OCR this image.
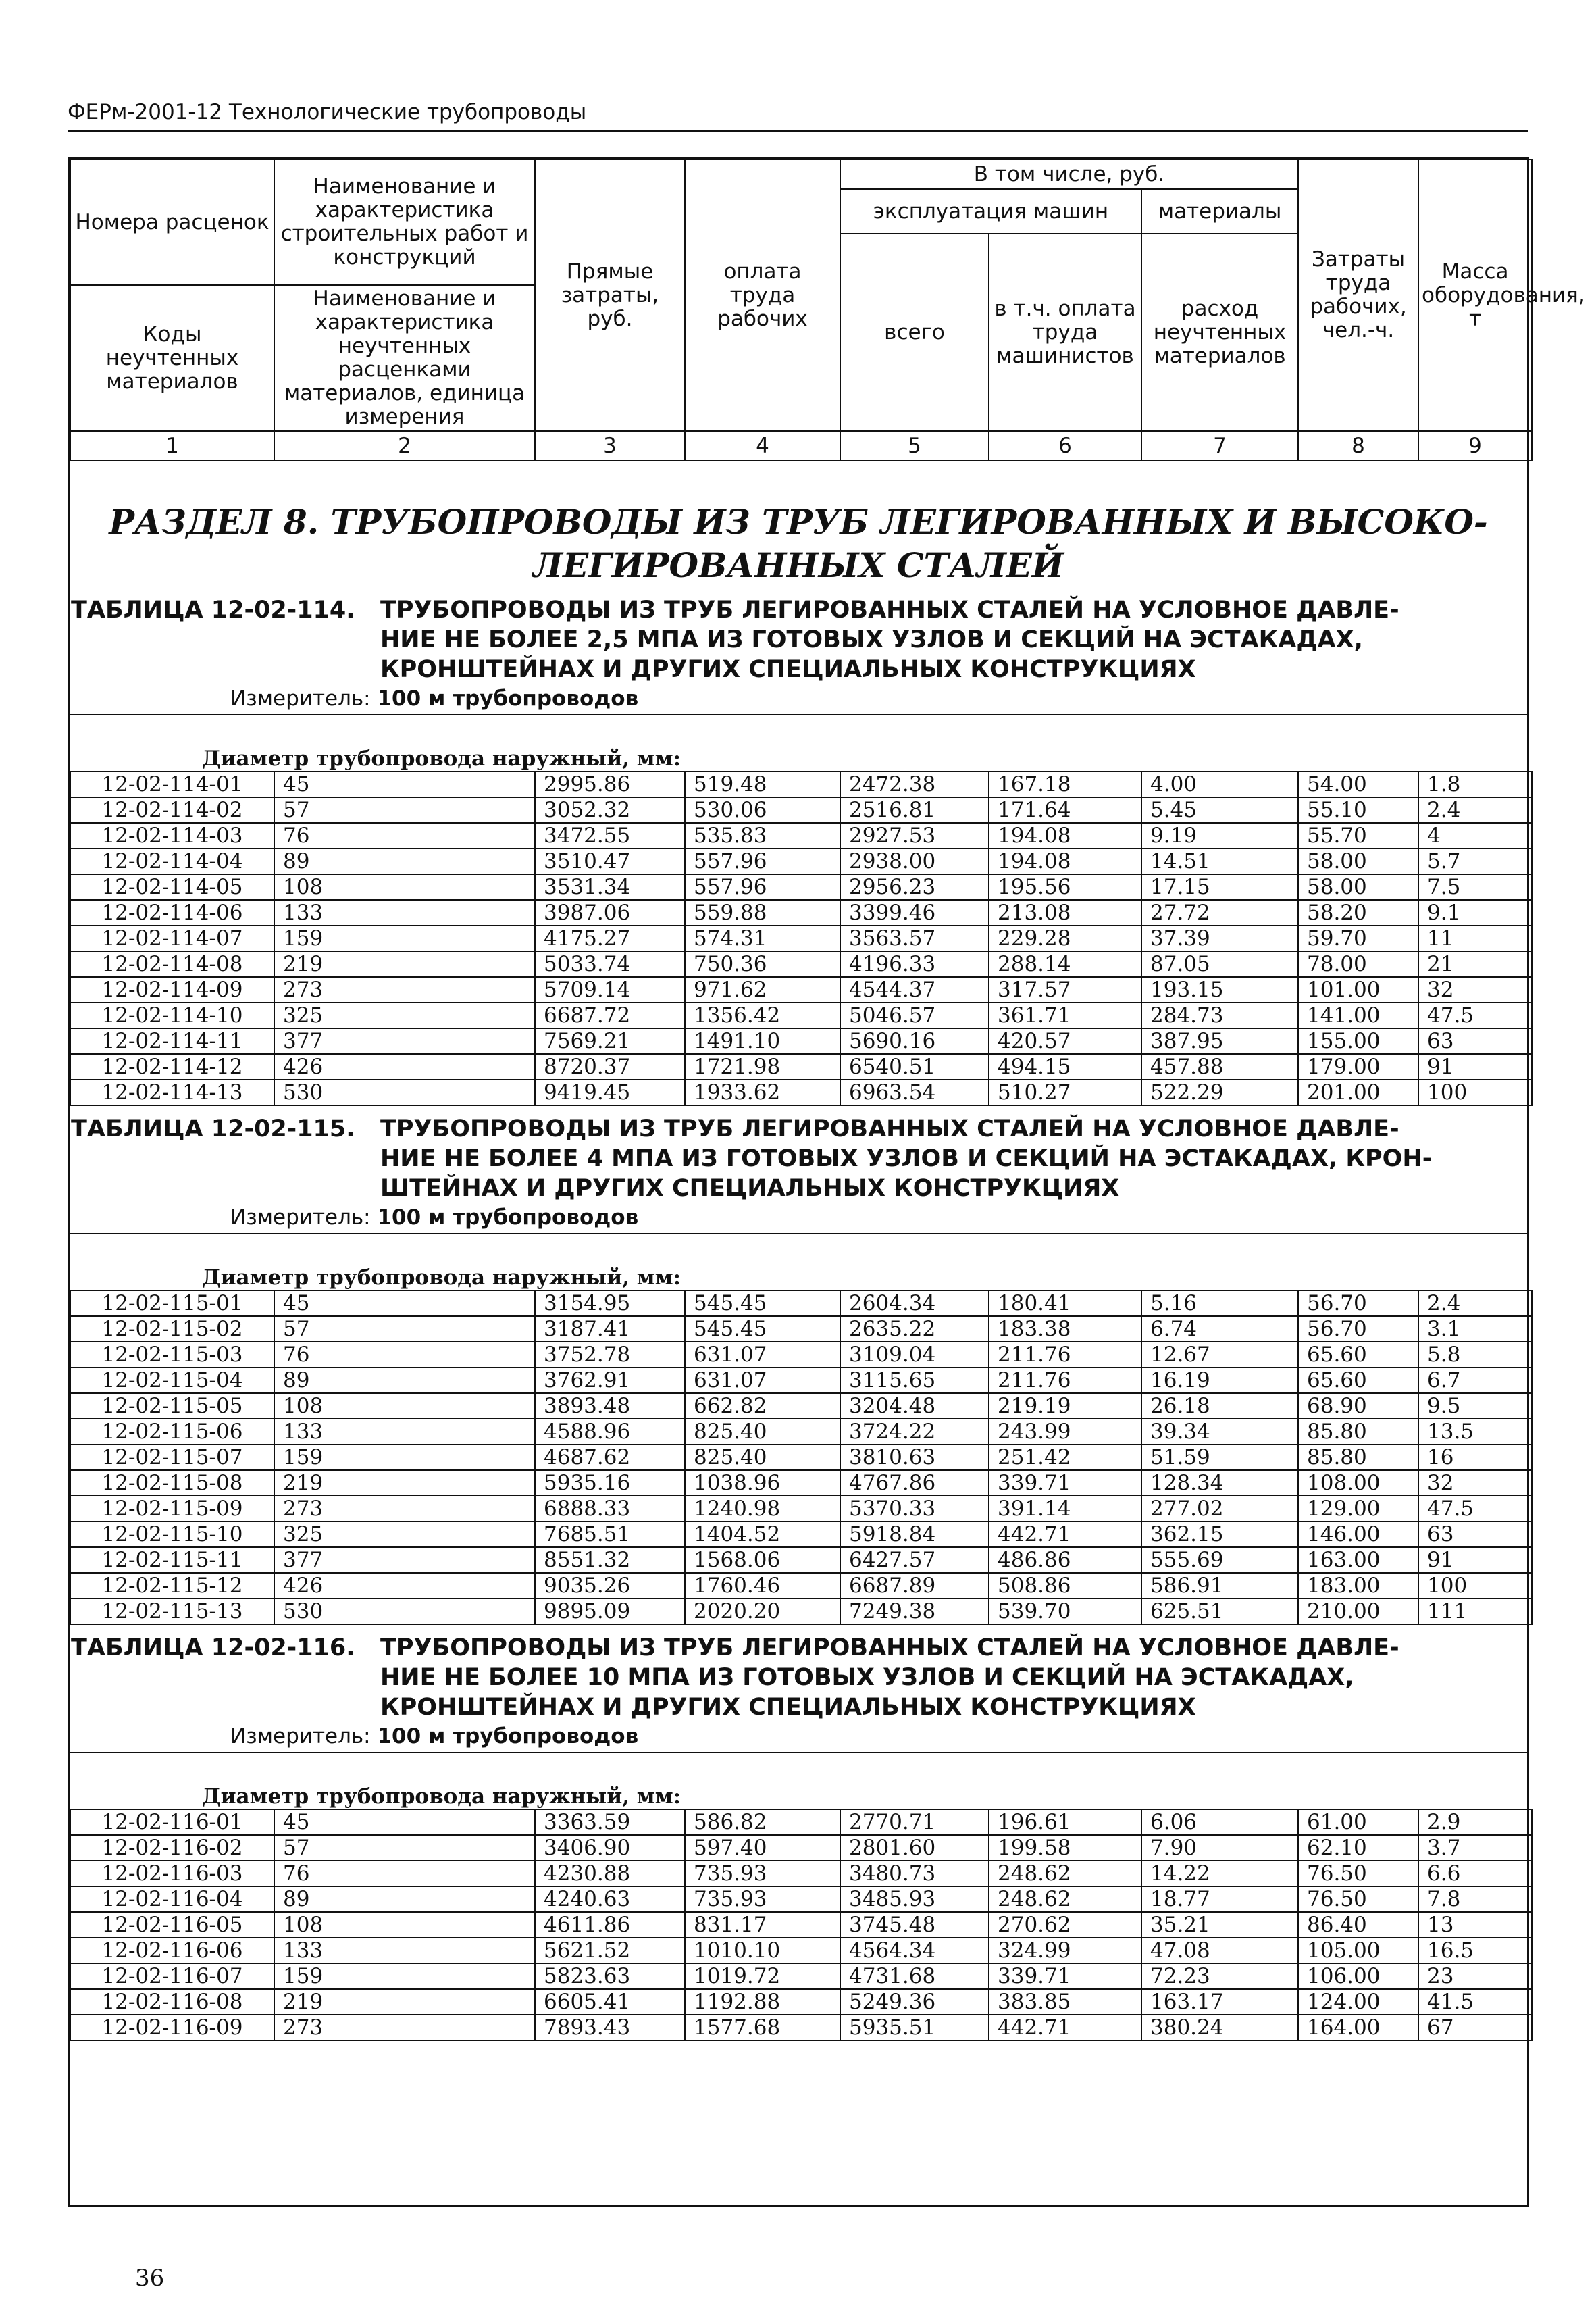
ФЕРм-2001-12 Технологические трубопроводы
Номера расценок	Наименование и характеристика строительных работ и конструкций	Прямые затраты, руб.	оплата труда рабочих	В том числе, руб.			Затраты труда рабочих, чел.-ч.	Масса оборудования, т
				эксплуатация машин		материалы		
				всего	в т.ч. оплата труда машинистов	расход неучтенных материалов		
Коды неучтенных материалов	Наименование и характеристика неучтенных расценками материалов, единица измерения							

1	2	3	4	5	6	7	8	9
РАЗДЕЛ 8. ТРУБОПРОВОДЫ ИЗ ТРУБ ЛЕГИРОВАННЫХ И ВЫСОКО-
ЛЕГИРОВАННЫХ СТАЛЕЙ
ТАБЛИЦА 12-02-114. ТРУБОПРОВОДЫ ИЗ ТРУБ ЛЕГИРОВАННЫХ СТАЛЕЙ НА УСЛОВНОЕ ДАВЛЕ-
НИЕ НЕ БОЛЕЕ 2,5 МПА ИЗ ГОТОВЫХ УЗЛОВ И СЕКЦИЙ НА ЭСТАКАДАХ,
КРОНШТЕЙНАХ И ДРУГИХ СПЕЦИАЛЬНЫХ КОНСТРУКЦИЯХ
Измеритель: 100 м трубопроводов
Диаметр трубопровода наружный, мм:
12-02-114-01	45	2995.86	519.48	2472.38	167.18	4.00	54.00	1.8
12-02-114-02	57	3052.32	530.06	2516.81	171.64	5.45	55.10	2.4
12-02-114-03	76	3472.55	535.83	2927.53	194.08	9.19	55.70	4
12-02-114-04	89	3510.47	557.96	2938.00	194.08	14.51	58.00	5.7
12-02-114-05	108	3531.34	557.96	2956.23	195.56	17.15	58.00	7.5
12-02-114-06	133	3987.06	559.88	3399.46	213.08	27.72	58.20	9.1
12-02-114-07	159	4175.27	574.31	3563.57	229.28	37.39	59.70	11
12-02-114-08	219	5033.74	750.36	4196.33	288.14	87.05	78.00	21
12-02-114-09	273	5709.14	971.62	4544.37	317.57	193.15	101.00	32
12-02-114-10	325	6687.72	1356.42	5046.57	361.71	284.73	141.00	47.5
12-02-114-11	377	7569.21	1491.10	5690.16	420.57	387.95	155.00	63
12-02-114-12	426	8720.37	1721.98	6540.51	494.15	457.88	179.00	91
12-02-114-13	530	9419.45	1933.62	6963.54	510.27	522.29	201.00	100
ТАБЛИЦА 12-02-115. ТРУБОПРОВОДЫ ИЗ ТРУБ ЛЕГИРОВАННЫХ СТАЛЕЙ НА УСЛОВНОЕ ДАВЛЕ-
НИЕ НЕ БОЛЕЕ 4 МПА ИЗ ГОТОВЫХ УЗЛОВ И СЕКЦИЙ НА ЭСТАКАДАХ, КРОН-
ШТЕЙНАХ И ДРУГИХ СПЕЦИАЛЬНЫХ КОНСТРУКЦИЯХ
Измеритель: 100 м трубопроводов
Диаметр трубопровода наружный, мм:
12-02-115-01	45	3154.95	545.45	2604.34	180.41	5.16	56.70	2.4
12-02-115-02	57	3187.41	545.45	2635.22	183.38	6.74	56.70	3.1
12-02-115-03	76	3752.78	631.07	3109.04	211.76	12.67	65.60	5.8
12-02-115-04	89	3762.91	631.07	3115.65	211.76	16.19	65.60	6.7
12-02-115-05	108	3893.48	662.82	3204.48	219.19	26.18	68.90	9.5
12-02-115-06	133	4588.96	825.40	3724.22	243.99	39.34	85.80	13.5
12-02-115-07	159	4687.62	825.40	3810.63	251.42	51.59	85.80	16
12-02-115-08	219	5935.16	1038.96	4767.86	339.71	128.34	108.00	32
12-02-115-09	273	6888.33	1240.98	5370.33	391.14	277.02	129.00	47.5
12-02-115-10	325	7685.51	1404.52	5918.84	442.71	362.15	146.00	63
12-02-115-11	377	8551.32	1568.06	6427.57	486.86	555.69	163.00	91
12-02-115-12	426	9035.26	1760.46	6687.89	508.86	586.91	183.00	100
12-02-115-13	530	9895.09	2020.20	7249.38	539.70	625.51	210.00	111
ТАБЛИЦА 12-02-116. ТРУБОПРОВОДЫ ИЗ ТРУБ ЛЕГИРОВАННЫХ СТАЛЕЙ НА УСЛОВНОЕ ДАВЛЕ-
НИЕ НЕ БОЛЕЕ 10 МПА ИЗ ГОТОВЫХ УЗЛОВ И СЕКЦИЙ НА ЭСТАКАДАХ,
КРОНШТЕЙНАХ И ДРУГИХ СПЕЦИАЛЬНЫХ КОНСТРУКЦИЯХ
Измеритель: 100 м трубопроводов
Диаметр трубопровода наружный, мм:
12-02-116-01	45	3363.59	586.82	2770.71	196.61	6.06	61.00	2.9
12-02-116-02	57	3406.90	597.40	2801.60	199.58	7.90	62.10	3.7
12-02-116-03	76	4230.88	735.93	3480.73	248.62	14.22	76.50	6.6
12-02-116-04	89	4240.63	735.93	3485.93	248.62	18.77	76.50	7.8
12-02-116-05	108	4611.86	831.17	3745.48	270.62	35.21	86.40	13
12-02-116-06	133	5621.52	1010.10	4564.34	324.99	47.08	105.00	16.5
12-02-116-07	159	5823.63	1019.72	4731.68	339.71	72.23	106.00	23
12-02-116-08	219	6605.41	1192.88	5249.36	383.85	163.17	124.00	41.5
12-02-116-09	273	7893.43	1577.68	5935.51	442.71	380.24	164.00	67
36
